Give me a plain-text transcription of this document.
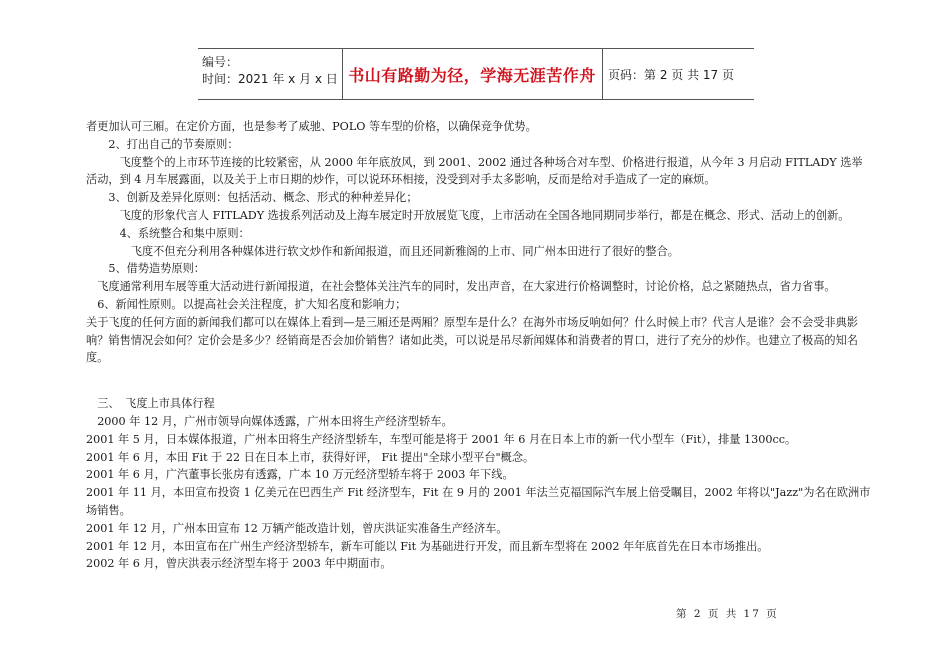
编号：
时间：2021 年 x 月 x 日 书山有路勤为径，学海无涯苦作舟 页码：第 2 页 共 17 页

者更加认可三厢。在定价方面，也是参考了威驰、POLO 等车型的价格，以确保竞争优势。

　　2、打出自己的节奏原则：

　　　飞度整个的上市环节连接的比较紧密，从 2000 年年底放风，到 2001、2002 通过各种场合对车型、价格进行报道，从今年 3 月启动 FITLADY 选举活动，到 4 月车展露面，以及关于上市日期的炒作，可以说环环相接，没受到对手太多影响，反而是给对手造成了一定的麻烦。

　　3、创新及差异化原则：包括活动、概念、形式的种种差异化；

　　　飞度的形象代言人 FITLADY 选拔系列活动及上海车展定时开放展览飞度，上市活动在全国各地同期同步举行，都是在概念、形式、活动上的创新。

　　　4、系统整合和集中原则：

　　　　飞度不但充分利用各种媒体进行软文炒作和新闻报道，而且还同新雅阁的上市、同广州本田进行了很好的整合。

　　5、借势造势原则：

　飞度通常利用车展等重大活动进行新闻报道，在社会整体关注汽车的同时，发出声音，在大家进行价格调整时，讨论价格，总之紧随热点，省力省事。

　6、新闻性原则。以提高社会关注程度，扩大知名度和影响力；

关于飞度的任何方面的新闻我们都可以在媒体上看到—是三厢还是两厢？原型车是什么？在海外市场反响如何？什么时候上市？代言人是谁？会不会受非典影响？销售情况会如何？定价会是多少？经销商是否会加价销售？诸如此类，可以说是吊尽新闻媒体和消费者的胃口，进行了充分的炒作。也建立了极高的知名度。

　三、　飞度上市具体行程

　2000 年 12 月，广州市领导向媒体透露，广州本田将生产经济型轿车。

2001 年 5 月，日本媒体报道，广州本田将生产经济型轿车，车型可能是将于 2001 年 6 月在日本上市的新一代小型车（Fit），排量 1300cc。

2001 年 6 月，本田 Fit 于 22 日在日本上市，获得好评， Fit 提出"全球小型平台"概念。

2001 年 6 月，广汽董事长张房有透露，广本 10 万元经济型轿车将于 2003 年下线。

2001 年 11 月，本田宣布投资 1 亿美元在巴西生产 Fit 经济型车，Fit 在 9 月的 2001 年法兰克福国际汽车展上倍受瞩目，2002 年将以"Jazz"为名在欧洲市场销售。

2001 年 12 月，广州本田宣布 12 万辆产能改造计划，曾庆洪证实准备生产经济车。

2001 年 12 月，本田宣布在广州生产经济型轿车，新车可能以 Fit 为基础进行开发，而且新车型将在 2002 年年底首先在日本市场推出。

2002 年 6 月，曾庆洪表示经济型车将于 2003 年中期面市。

第 2 页 共 17 页
